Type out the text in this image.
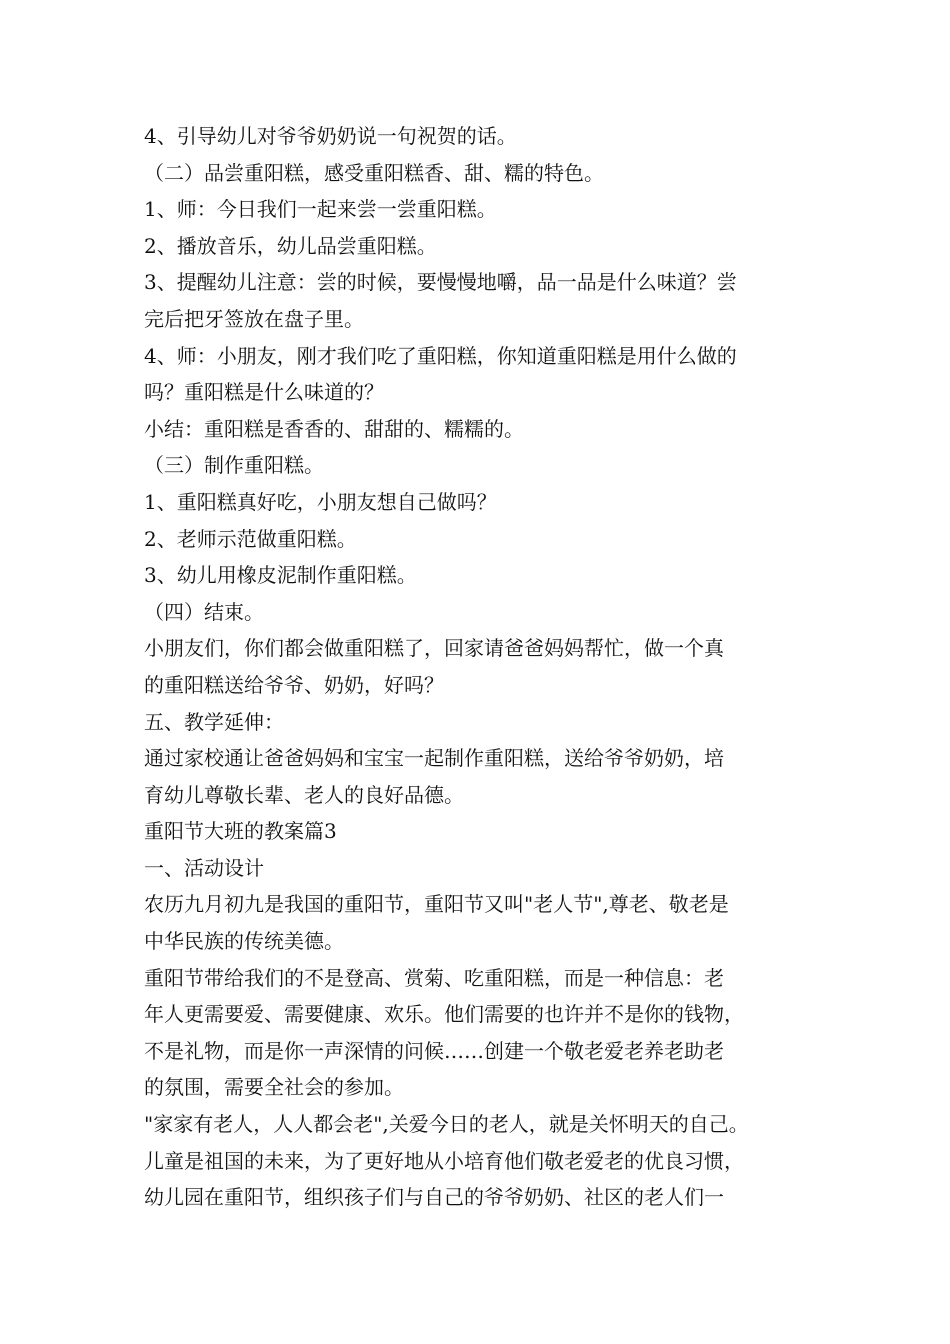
4、引导幼儿对爷爷奶奶说一句祝贺的话。
（二）品尝重阳糕，感受重阳糕香、甜、糯的特色。
1、师：今日我们一起来尝一尝重阳糕。
2、播放音乐，幼儿品尝重阳糕。
3、提醒幼儿注意：尝的时候，要慢慢地嚼，品一品是什么味道？尝
完后把牙签放在盘子里。
4、师：小朋友，刚才我们吃了重阳糕，你知道重阳糕是用什么做的
吗？重阳糕是什么味道的？
小结：重阳糕是香香的、甜甜的、糯糯的。
（三）制作重阳糕。
1、重阳糕真好吃，小朋友想自己做吗？
2、老师示范做重阳糕。
3、幼儿用橡皮泥制作重阳糕。
（四）结束。
小朋友们，你们都会做重阳糕了，回家请爸爸妈妈帮忙，做一个真
的重阳糕送给爷爷、奶奶，好吗？
五、教学延伸：
通过家校通让爸爸妈妈和宝宝一起制作重阳糕，送给爷爷奶奶，培
育幼儿尊敬长辈、老人的良好品德。
重阳节大班的教案篇3
一、活动设计
农历九月初九是我国的重阳节，重阳节又叫"老人节",尊老、敬老是
中华民族的传统美德。
重阳节带给我们的不是登高、赏菊、吃重阳糕，而是一种信息：老
年人更需要爱、需要健康、欢乐。他们需要的也许并不是你的钱物，
不是礼物，而是你一声深情的问候……创建一个敬老爱老养老助老
的氛围，需要全社会的参加。
"家家有老人，人人都会老",关爱今日的老人，就是关怀明天的自己。
儿童是祖国的未来，为了更好地从小培育他们敬老爱老的优良习惯，
幼儿园在重阳节，组织孩子们与自己的爷爷奶奶、社区的老人们一
